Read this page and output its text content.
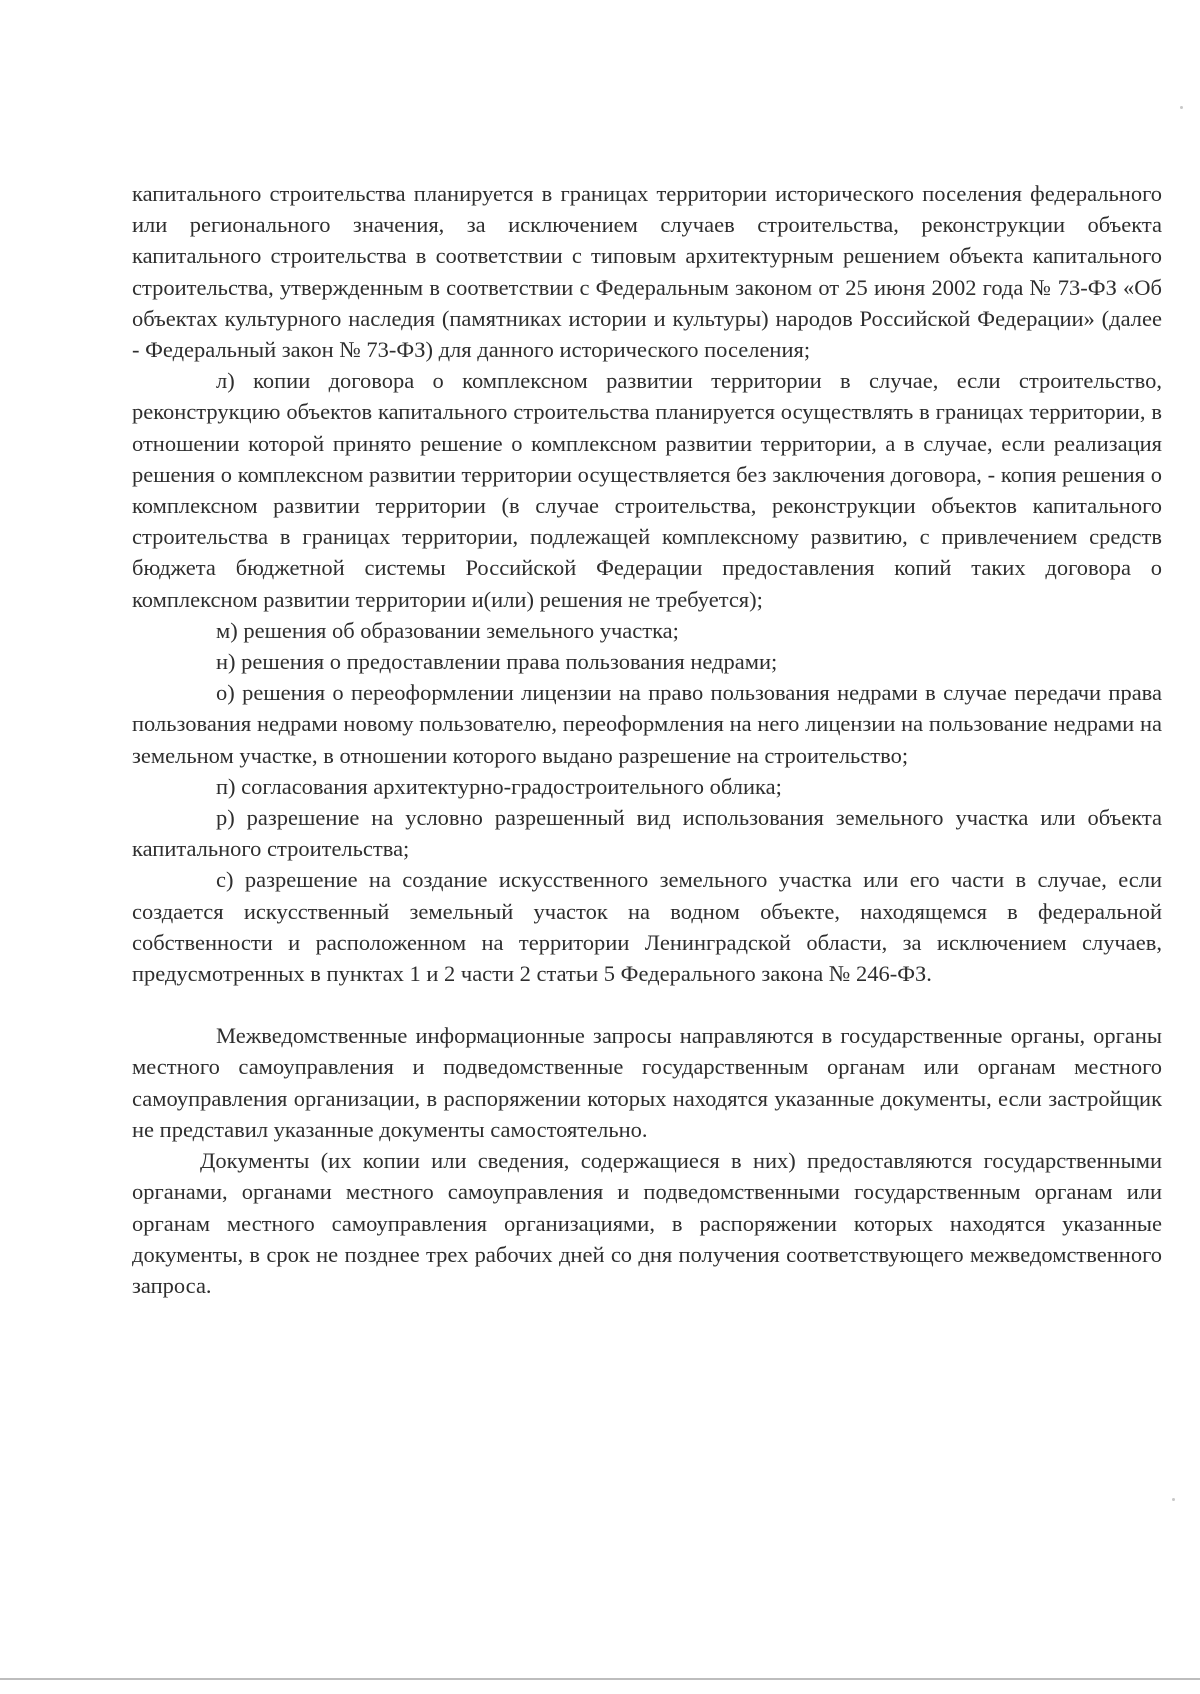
капитального строительства планируется в границах территории исторического поселения федерального или регионального значения, за исключением случаев строительства, реконструкции объекта капитального строительства в соответствии с типовым архитектурным решением объекта капитального строительства, утвержденным в соответствии с Федеральным законом от 25 июня 2002 года № 73-ФЗ «Об объектах культурного наследия (памятниках истории и культуры) народов Российской Федерации» (далее - Федеральный закон № 73-ФЗ) для данного исторического поселения;

л) копии договора о комплексном развитии территории в случае, если строительство, реконструкцию объектов капитального строительства планируется осуществлять в границах территории, в отношении которой принято решение о комплексном развитии территории, а в случае, если реализация решения о комплексном развитии территории осуществляется без заключения договора, - копия решения о комплексном развитии территории (в случае строительства, реконструкции объектов капитального строительства в границах территории, подлежащей комплексному развитию, с привлечением средств бюджета бюджетной системы Российской Федерации предоставления копий таких договора о комплексном развитии территории и(или) решения не требуется);

м) решения об образовании земельного участка;

н) решения о предоставлении права пользования недрами;

о) решения о переоформлении лицензии на право пользования недрами в случае передачи права пользования недрами новому пользователю, переоформления на него лицензии на пользование недрами на земельном участке, в отношении которого выдано разрешение на строительство;

п) согласования архитектурно-градостроительного облика;

р) разрешение на условно разрешенный вид использования земельного участка или объекта капитального строительства;

с) разрешение на создание искусственного земельного участка или его части в случае, если создается искусственный земельный участок на водном объекте, находящемся в федеральной собственности и расположенном на территории Ленинградской области, за исключением случаев, предусмотренных в пунктах 1 и 2 части 2 статьи 5 Федерального закона № 246-ФЗ.

Межведомственные информационные запросы направляются в государственные органы, органы местного самоуправления и подведомственные государственным органам или органам местного самоуправления организации, в распоряжении которых находятся указанные документы, если застройщик не представил указанные документы самостоятельно.

Документы (их копии или сведения, содержащиеся в них) предоставляются государственными органами, органами местного самоуправления и подведомственными государственным органам или органам местного самоуправления организациями, в распоряжении которых находятся указанные документы, в срок не позднее трех рабочих дней со дня получения соответствующего межведомственного запроса.
